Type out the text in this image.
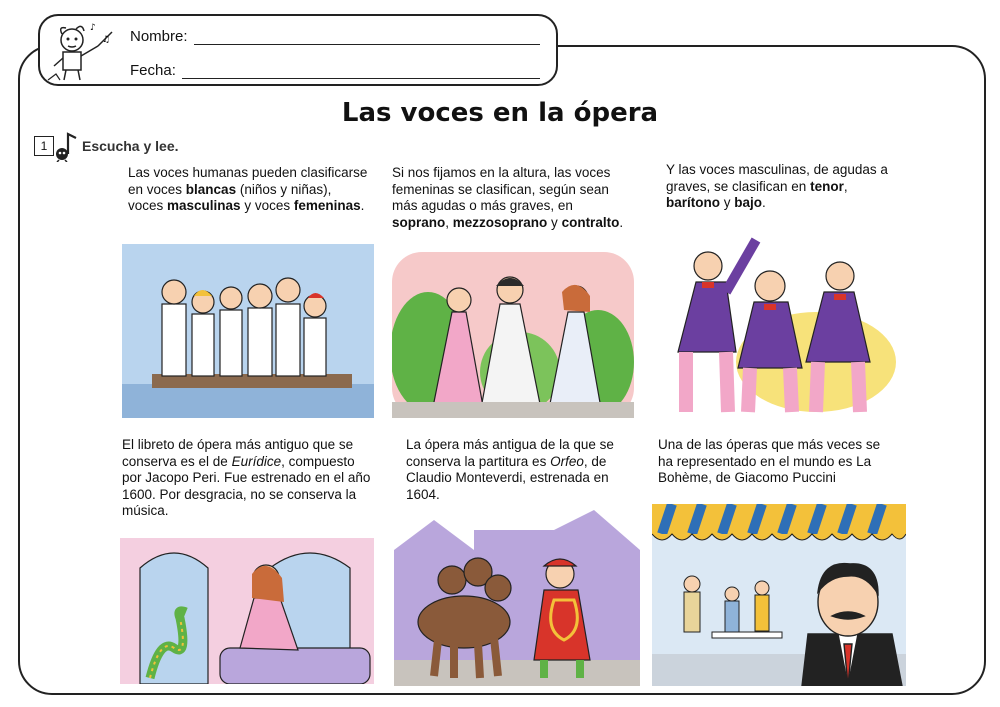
♪
♫ Nombre:
Fecha:
Las voces en la ópera
1	Escucha y lee.
Las voces humanas pueden clasificarse en voces blancas (niños y niñas), voces masculinas y voces femeninas.
Si nos fijamos en la altura, las voces femeninas se clasifican, según sean más agudas o más graves, en soprano, mezzosoprano y contralto.
Y las voces masculinas, de agudas a graves, se clasifican en tenor, barítono y bajo.
El libreto de ópera más antiguo que se conserva es el de Eurídice, compuesto por Jacopo Peri. Fue estrenado en el año 1600. Por desgracia, no se conserva la música.
La ópera más antigua de la que se conserva la partitura es Orfeo, de Claudio Monteverdi, estrenada en 1604.
Una de las óperas que más veces se ha representado en el mundo es La Bohème, de Giacomo Puccini
